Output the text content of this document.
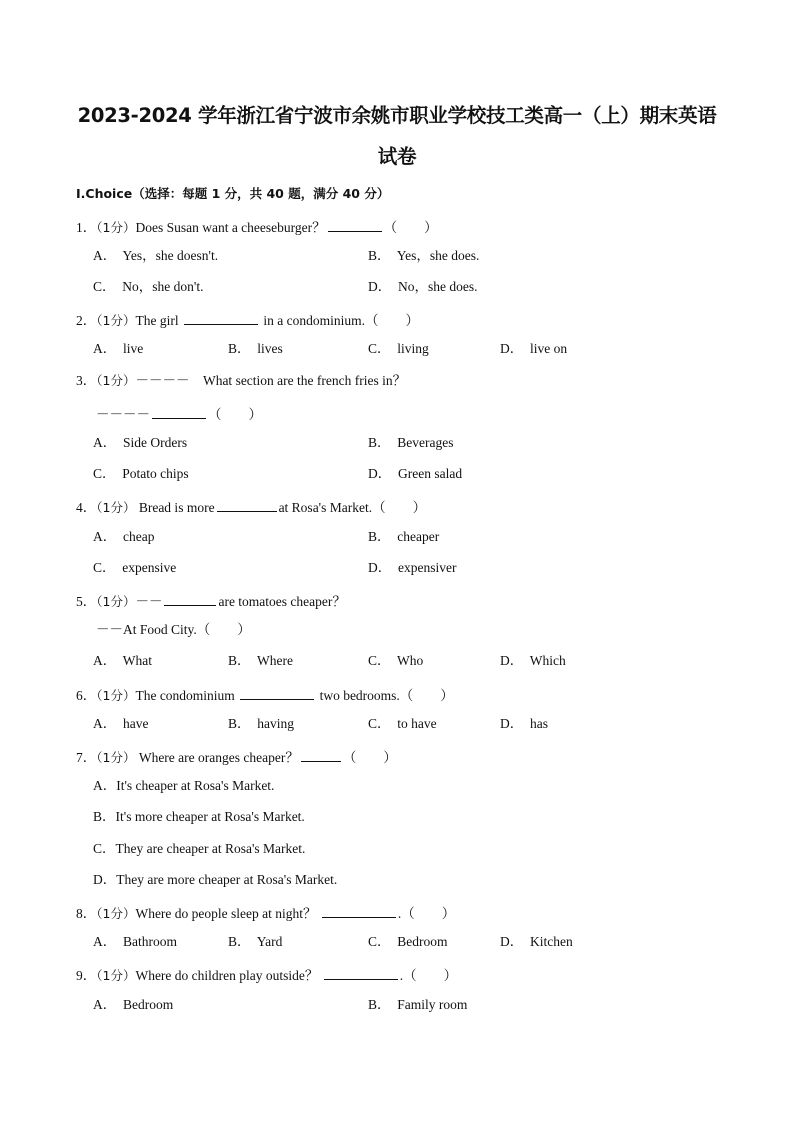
2023-2024 学年浙江省宁波市余姚市职业学校技工类高一（上）期末英语
试卷
I.Choice（选择：每题 1 分，共 40 题，满分 40 分）
1．（1分）Does Susan want a cheeseburger？	（　　）
A． Yes，she doesn't.	B． Yes，she does.
C． No，she don't.	D． No，she does.
2．（1分）The girl	in a condominium.（　　）
A． live	B． lives	C． living	D． live on
3．（1分）－－－－　What section are the french fries in？
－－－－	（　　）
A． Side Orders	B． Beverages
C． Potato chips	D． Green salad
4．（1分） Bread is more	at Rosa's Market.（　　）
A． cheap	B． cheaper
C． expensive	D． expensiver
5．（1分）－－	are tomatoes cheaper？
－－At Food City.（　　）
A． What	B． Where	C． Who	D． Which
6．（1分）The condominium	two bedrooms.（　　）
A． have	B． having	C． to have	D． has
7．（1分） Where are oranges cheaper？	（　　）
A．It's cheaper at Rosa's Market.
B．It's more cheaper at Rosa's Market.
C．They are cheaper at Rosa's Market.
D．They are more cheaper at Rosa's Market.
8．（1分）Where do people sleep at night？	.（　　）
A． Bathroom	B． Yard	C． Bedroom	D． Kitchen
9．（1分）Where do children play outside？	.（　　）
A． Bedroom	B． Family room
